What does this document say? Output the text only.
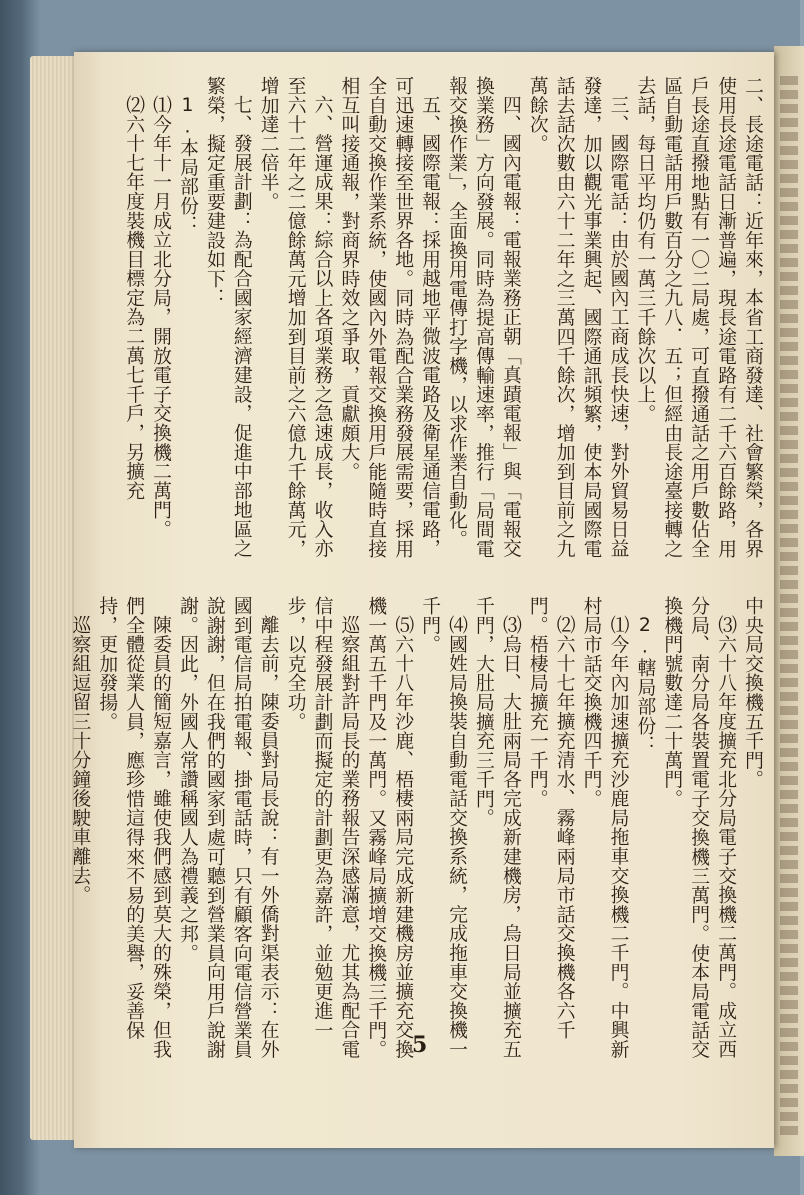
二、長途電話：近年來，本省工商發達、社會繁榮，各界使用長途電話日漸普遍，現長途電路有二千六百餘路，用戶長途直撥地點有一〇二局處，可直撥通話之用戶數佔全區自動電話用戶數百分之九八．五；但經由長途臺接轉之去話，每日平均仍有一萬三千餘次以上。

三、國際電話：由於國內工商成長快速，對外貿易日益發達，加以觀光事業興起、國際通訊頻繁，使本局國際電話去話次數由六十二年之三萬四千餘次，增加到目前之九萬餘次。

四、國內電報：電報業務正朝「真蹟電報」與「電報交換業務」方向發展。同時為提高傳輸速率，推行「局間電報交換作業」，全面換用電傳打字機，以求作業自動化。

五、國際電報：採用越地平微波電路及衛星通信電路，可迅速轉接至世界各地。同時為配合業務發展需要，採用全自動交換作業系統，使國內外電報交換用戶能隨時直接相互叫接通報，對商界時效之爭取，貢獻頗大。

六、營運成果：綜合以上各項業務之急速成長，收入亦至六十二年之二億餘萬元增加到目前之六億九千餘萬元，增加達二倍半。

七、發展計劃：為配合國家經濟建設，促進中部地區之繁榮，擬定重要建設如下：

1.本局部份：

⑴今年十一月成立北分局，開放電子交換機二萬門。

⑵六十七年度裝機目標定為二萬七千戶，另擴充

中央局交換機五千門。

⑶六十八年度擴充北分局電子交換機二萬門。成立西分局、南分局各裝置電子交換機三萬門。使本局電話交換機門號數達二十萬門。

2.轄局部份：

⑴今年內加速擴充沙鹿局拖車交換機二千門。中興新村局市話交換機四千門。

⑵六十七年擴充清水、霧峰兩局市話交換機各六千門。梧棲局擴充一千門。

⑶烏日、大肚兩局各完成新建機房，烏日局並擴充五千門，大肚局擴充三千門。

⑷國姓局換裝自動電話交換系統，完成拖車交換機一千門。

⑸六十八年沙鹿、梧棲兩局完成新建機房並擴充交換機一萬五千門及一萬門。又霧峰局擴增交換機三千門。

巡察組對許局長的業務報告深感滿意，尤其為配合電信中程發展計劃而擬定的計劃更為嘉許，並勉更進一步，以克全功。

離去前，陳委員對局長說：有一外僑對渠表示：在外國到電信局拍電報、掛電話時，只有顧客向電信營業員說謝謝，但在我們的國家到處可聽到營業員向用戶說謝謝。因此，外國人常讚稱國人為禮義之邦。

陳委員的簡短嘉言，雖使我們感到莫大的殊榮，但我們全體從業人員，應珍惜這得來不易的美譽，妥善保持，更加發揚。

巡察組逗留三十分鐘後駛車離去。

5
